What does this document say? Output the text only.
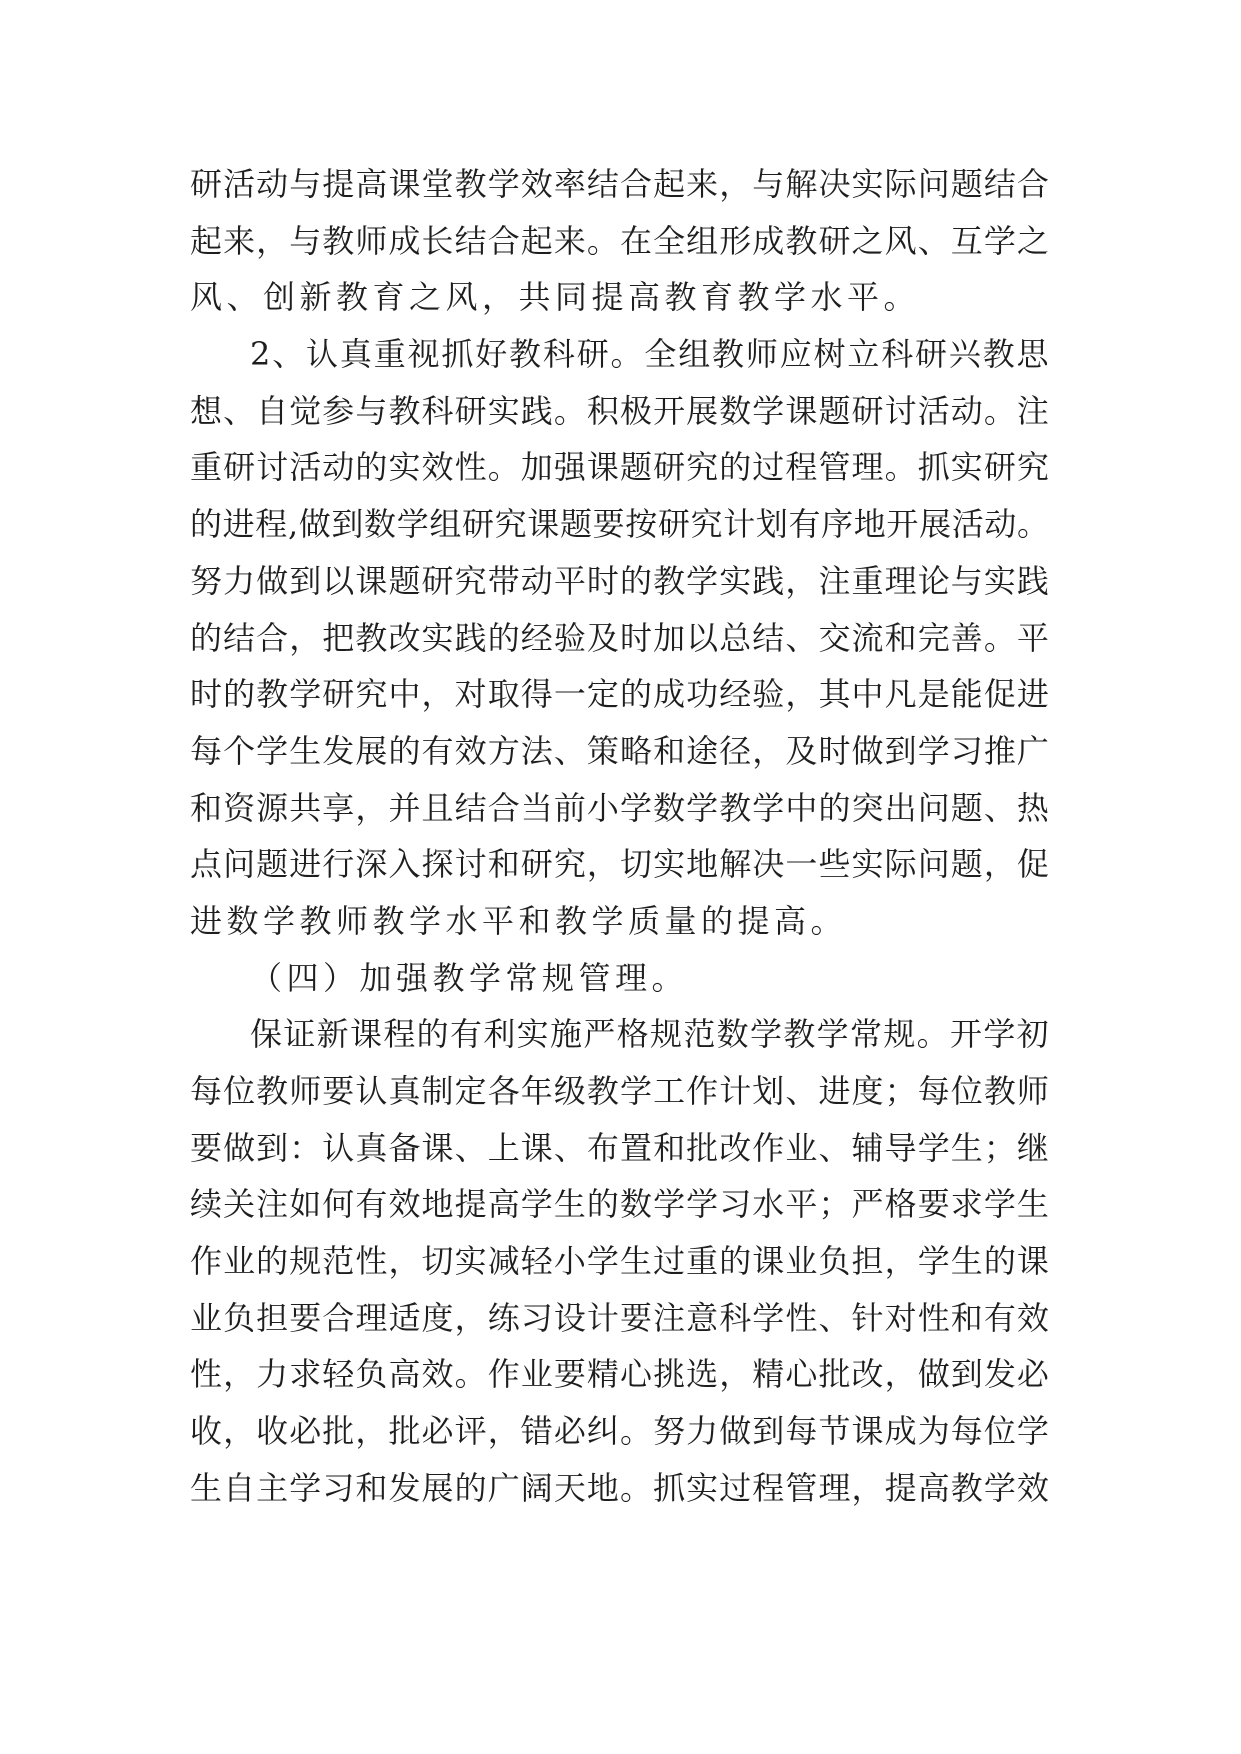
研活动与提高课堂教学效率结合起来，与解决实际问题结合
起来，与教师成长结合起来。在全组形成教研之风、互学之
风、创新教育之风，共同提高教育教学水平。
2、认真重视抓好教科研。全组教师应树立科研兴教思
想、自觉参与教科研实践。积极开展数学课题研讨活动。注
重研讨活动的实效性。加强课题研究的过程管理。抓实研究
的进程,做到数学组研究课题要按研究计划有序地开展活动。
努力做到以课题研究带动平时的教学实践，注重理论与实践
的结合，把教改实践的经验及时加以总结、交流和完善。平
时的教学研究中，对取得一定的成功经验，其中凡是能促进
每个学生发展的有效方法、策略和途径，及时做到学习推广
和资源共享，并且结合当前小学数学教学中的突出问题、热
点问题进行深入探讨和研究，切实地解决一些实际问题，促
进数学教师教学水平和教学质量的提高。
（四）加强教学常规管理。
保证新课程的有利实施严格规范数学教学常规。开学初
每位教师要认真制定各年级教学工作计划、进度；每位教师
要做到：认真备课、上课、布置和批改作业、辅导学生；继
续关注如何有效地提高学生的数学学习水平；严格要求学生
作业的规范性，切实减轻小学生过重的课业负担，学生的课
业负担要合理适度，练习设计要注意科学性、针对性和有效
性，力求轻负高效。作业要精心挑选，精心批改，做到发必
收，收必批，批必评，错必纠。努力做到每节课成为每位学
生自主学习和发展的广阔天地。抓实过程管理，提高教学效
